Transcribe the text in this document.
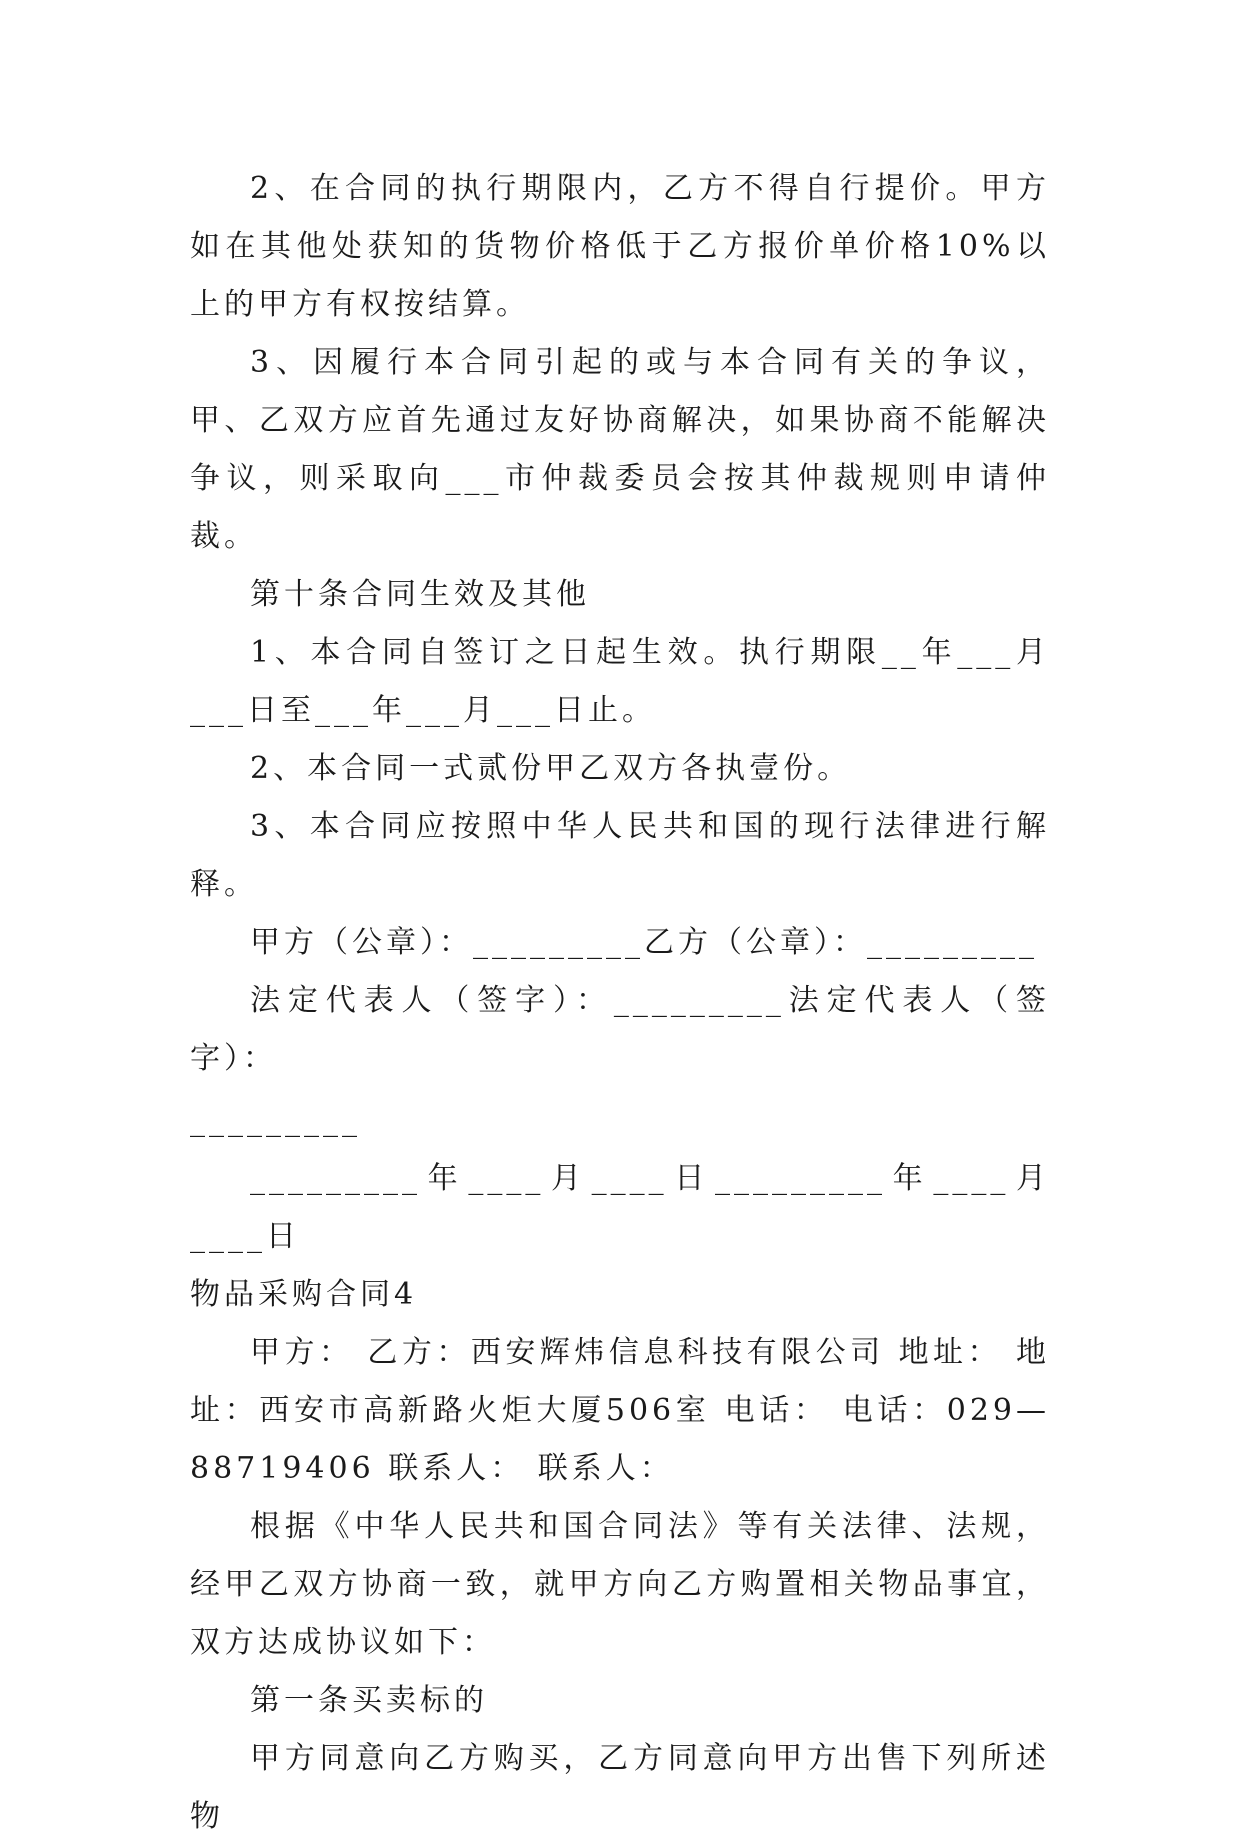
2、在合同的执行期限内，乙方不得自行提价。甲方如在其他处获知的货物价格低于乙方报价单价格10%以上的甲方有权按结算。

3、因履行本合同引起的或与本合同有关的争议，甲、乙双方应首先通过友好协商解决，如果协商不能解决争议，则采取向___市仲裁委员会按其仲裁规则申请仲裁。

第十条合同生效及其他

1、本合同自签订之日起生效。执行期限__年___月___日至___年___月___日止。

2、本合同一式贰份甲乙双方各执壹份。

3、本合同应按照中华人民共和国的现行法律进行解释。

甲方（公章）：_________乙方（公章）：_________

法定代表人（签字）：_________法定代表人（签字）：

_________

_________年____月____日_________年____月____日

物品采购合同4

甲方： 乙方：西安辉炜信息科技有限公司 地址： 地址：西安市高新路火炬大厦506室 电话： 电话：029—88719406 联系人： 联系人：

根据《中华人民共和国合同法》等有关法律、法规，经甲乙双方协商一致，就甲方向乙方购置相关物品事宜，双方达成协议如下：

第一条买卖标的

甲方同意向乙方购买，乙方同意向甲方出售下列所述物
